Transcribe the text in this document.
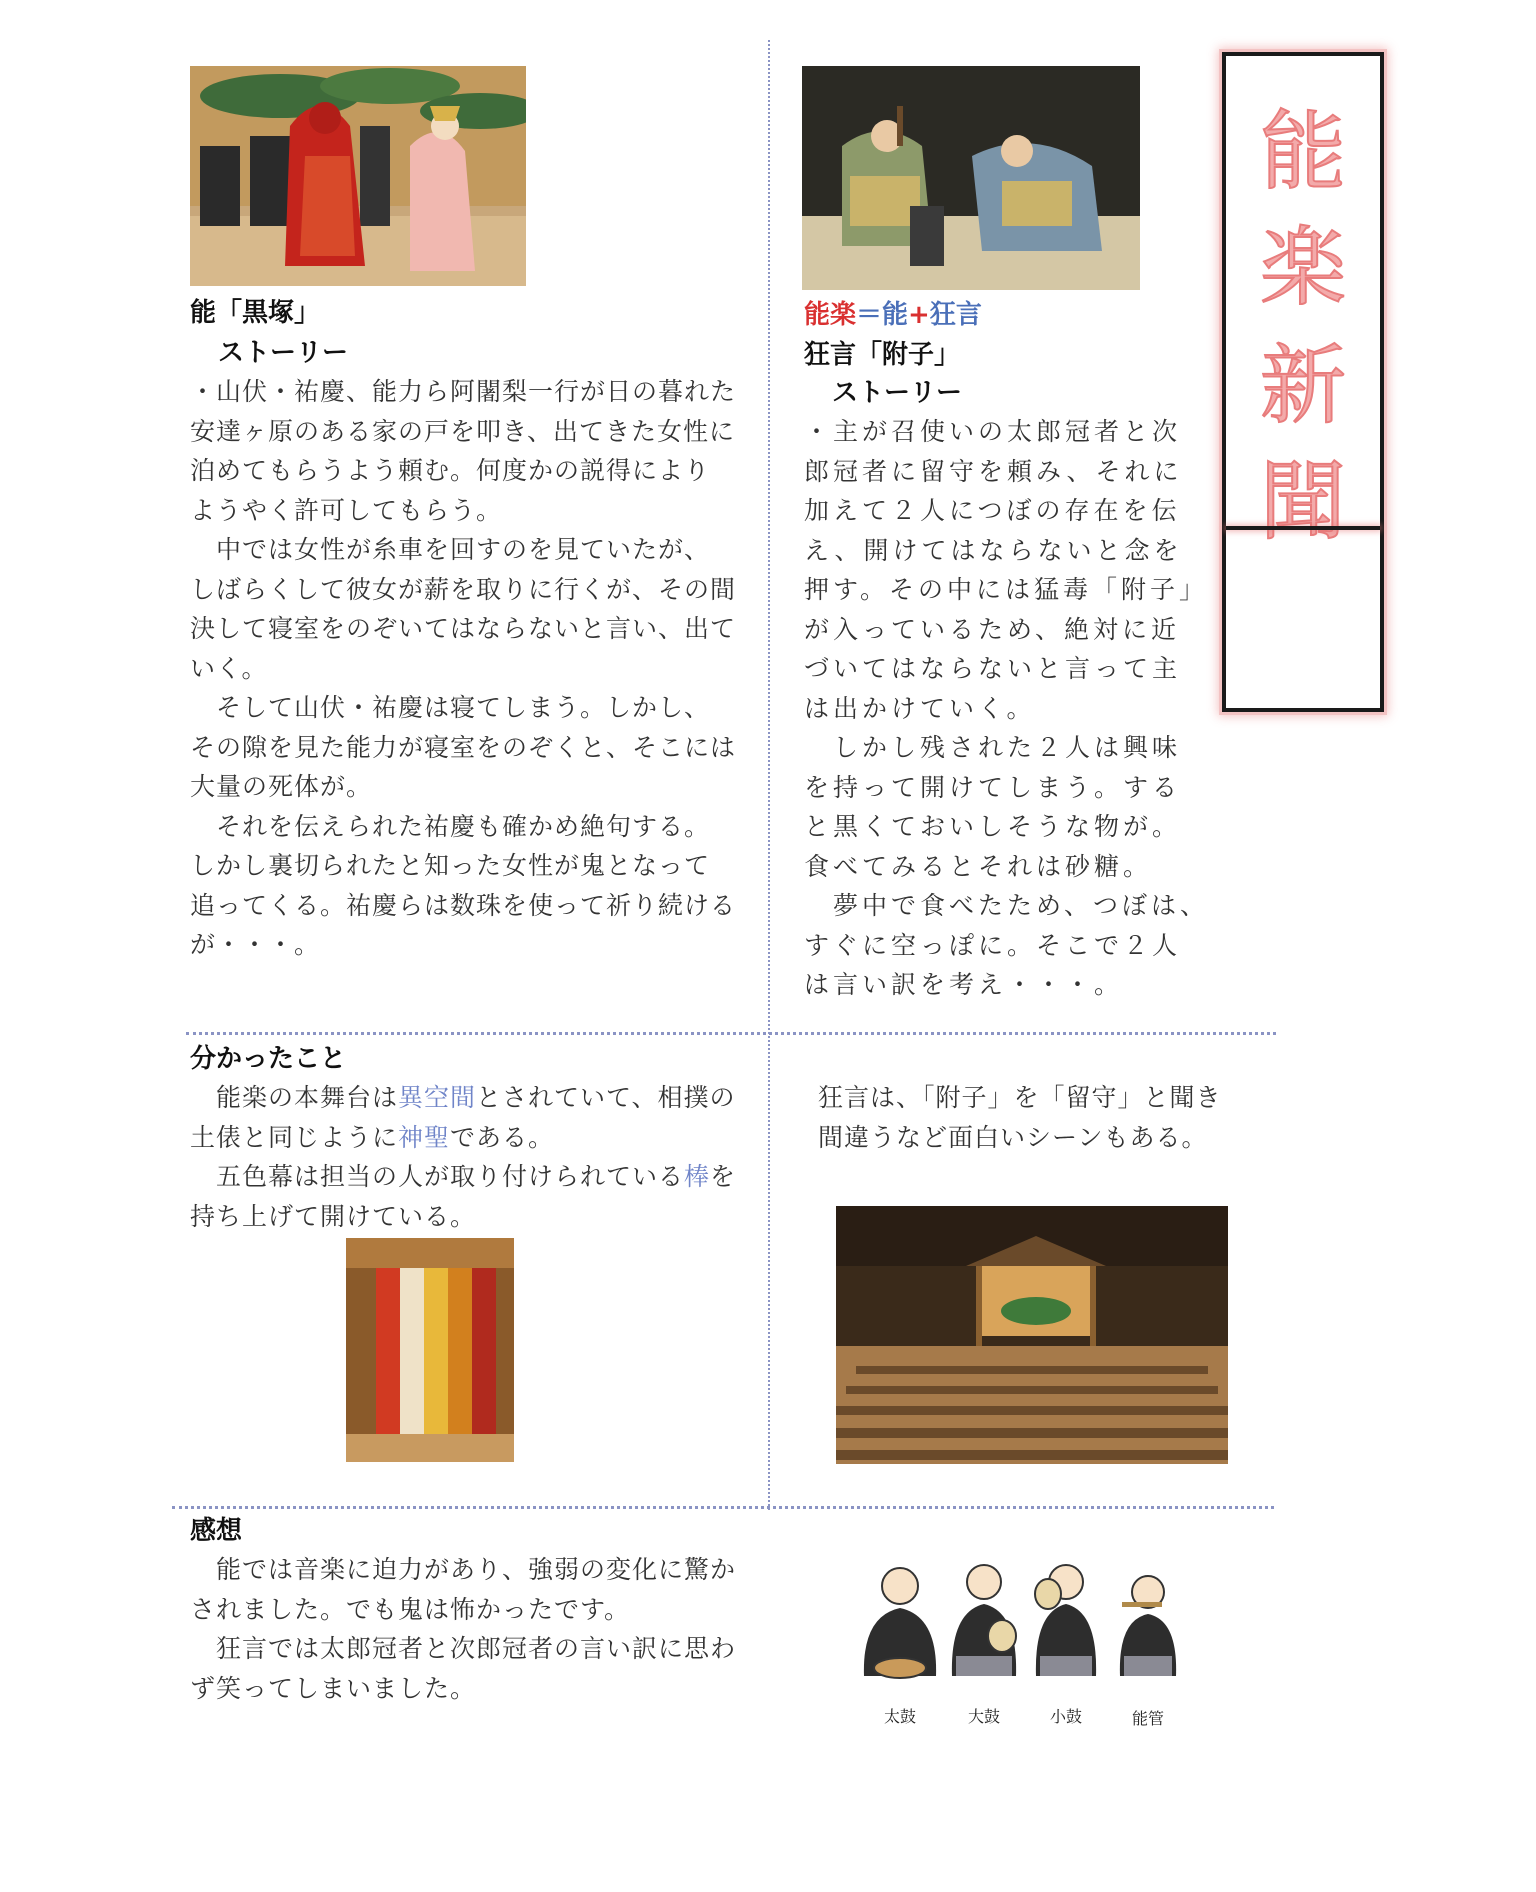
能
楽
新
聞
能「黒塚」
ストーリー

・山伏・祐慶、能力ら阿闍梨一行が日の暮れた

安達ヶ原のある家の戸を叩き、出てきた女性に

泊めてもらうよう頼む。何度かの説得により

ようやく許可してもらう。

　中では女性が糸車を回すのを見ていたが、

しばらくして彼女が薪を取りに行くが、その間

決して寝室をのぞいてはならないと言い、出て

いく。

　そして山伏・祐慶は寝てしまう。しかし、

その隙を見た能力が寝室をのぞくと、そこには

大量の死体が。

　それを伝えられた祐慶も確かめ絶句する。

しかし裏切られたと知った女性が鬼となって

追ってくる。祐慶らは数珠を使って祈り続ける

が・・・。

能楽＝能+狂言
狂言「附子」
ストーリー

・主が召使いの太郎冠者と次

郎冠者に留守を頼み、それに

加えて２人につぼの存在を伝

え、開けてはならないと念を

押す。その中には猛毒「附子」

が入っているため、絶対に近

づいてはならないと言って主

は出かけていく。

　しかし残された２人は興味

を持って開けてしまう。する

と黒くておいしそうな物が。

食べてみるとそれは砂糖。

　夢中で食べたため、つぼは、

すぐに空っぽに。そこで２人

は言い訳を考え・・・。

分かったこと

　能楽の本舞台は異空間とされていて、相撲の

土俵と同じように神聖である。

　五色幕は担当の人が取り付けられている棒を

持ち上げて開けている。

狂言は、「附子」を「留守」と聞き

間違うなど面白いシーンもある。

感想

　能では音楽に迫力があり、強弱の変化に驚か

されました。でも鬼は怖かったです。

　狂言では太郎冠者と次郎冠者の言い訳に思わ

ず笑ってしまいました。

太鼓	大鼓	小鼓	能管
